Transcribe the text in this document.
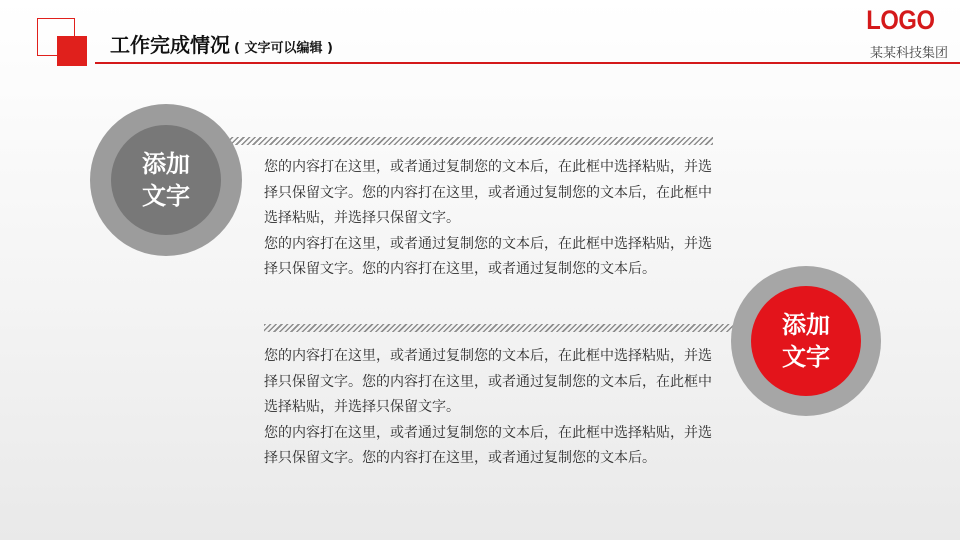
工作完成情况 ( 文字可以编辑 )
LOGO
某某科技集团
添加文字

您的内容打在这里，或者通过复制您的文本后，在此框中选择粘贴，并选择只保留文字。您的内容打在这里，或者通过复制您的文本后，在此框中选择粘贴，并选择只保留文字。

您的内容打在这里，或者通过复制您的文本后，在此框中选择粘贴，并选择只保留文字。您的内容打在这里，或者通过复制您的文本后。

添加文字

您的内容打在这里，或者通过复制您的文本后，在此框中选择粘贴，并选择只保留文字。您的内容打在这里，或者通过复制您的文本后，在此框中选择粘贴，并选择只保留文字。

您的内容打在这里，或者通过复制您的文本后，在此框中选择粘贴，并选择只保留文字。您的内容打在这里，或者通过复制您的文本后。
